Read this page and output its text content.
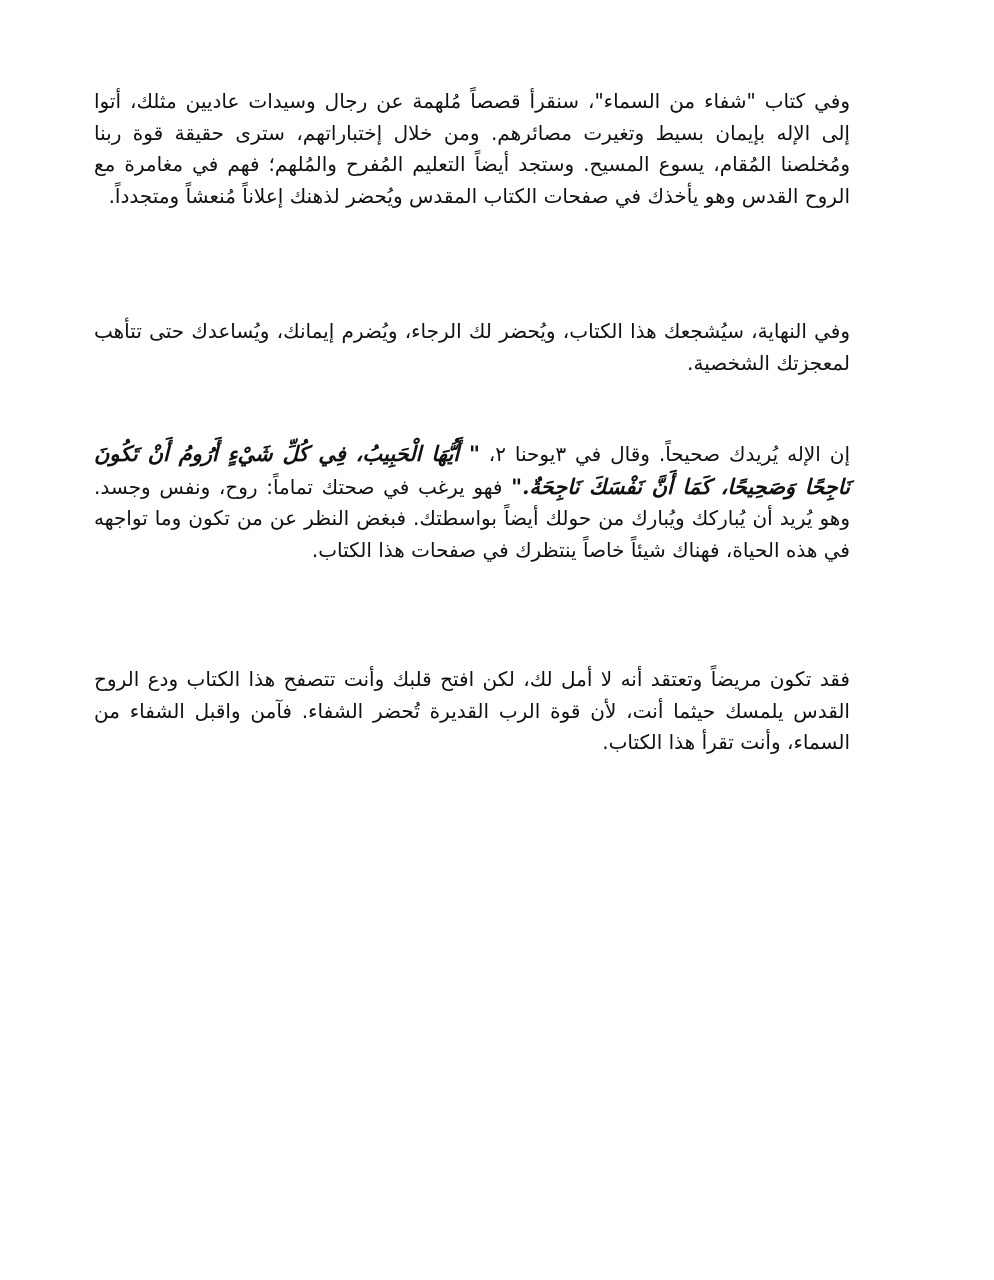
وفي كتاب "شفاء من السماء"، سنقرأ قصصاً مُلهمة عن رجال وسيدات عاديين مثلك، أتوا إلى الإله بإيمان بسيط وتغيرت مصائرهم. ومن خلال إختباراتهم، سترى حقيقة قوة ربنا ومُخلصنا المُقام، يسوع المسيح. وستجد أيضاً التعليم المُفرح والمُلهم؛ فهم في مغامرة مع الروح القدس وهو يأخذك في صفحات الكتاب المقدس ويُحضر لذهنك إعلاناً مُنعشاً ومتجدداً.

وفي النهاية، سيُشجعك هذا الكتاب، ويُحضر لك الرجاء، ويُضرم إيمانك، ويُساعدك حتى تتأهب لمعجزتك الشخصية.

إن الإله يُريدك صحيحاً. وقال في ٣يوحنا ٢، " أَيُّهَا الْحَبِيبُ، فِي كُلِّ شَيْءٍ أَرُومُ أَنْ تَكُونَ نَاجِحًا وَصَحِيحًا، كَمَا أَنَّ نَفْسَكَ نَاجِحَةٌ." فهو يرغب في صحتك تماماً: روح، ونفس وجسد. وهو يُريد أن يُباركك ويُبارك من حولك أيضاً بواسطتك. فبغض النظر عن من تكون وما تواجهه في هذه الحياة، فهناك شيئاً خاصاً ينتظرك في صفحات هذا الكتاب.

فقد تكون مريضاً وتعتقد أنه لا أمل لك، لكن افتح قلبك وأنت تتصفح هذا الكتاب ودع الروح القدس يلمسك حيثما أنت، لأن قوة الرب القديرة تُحضر الشفاء. فآمن واقبل الشفاء من السماء، وأنت تقرأ هذا الكتاب.
